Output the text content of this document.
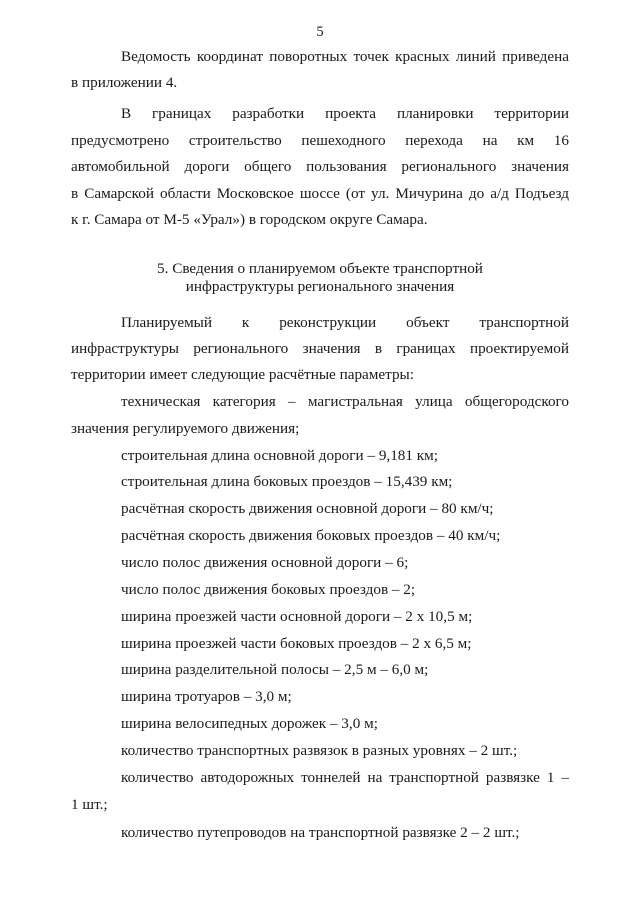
5
Ведомость координат поворотных точек красных линий приведена
в приложении 4.
В границах разработки проекта планировки территории
предусмотрено строительство пешеходного перехода на км 16
автомобильной дороги общего пользования регионального значения
в Самарской области Московское шоссе (от ул. Мичурина до а/д Подъезд
к г. Самара от М-5 «Урал») в городском округе Самара.
5. Сведения о планируемом объекте транспортной
инфраструктуры регионального значения
Планируемый к реконструкции объект транспортной
инфраструктуры регионального значения в границах проектируемой
территории имеет следующие расчётные параметры:
техническая категория – магистральная улица общегородского
значения регулируемого движения;
строительная длина основной дороги – 9,181 км;
строительная длина боковых проездов – 15,439 км;
расчётная скорость движения основной дороги – 80 км/ч;
расчётная скорость движения боковых проездов – 40 км/ч;
число полос движения основной дороги – 6;
число полос движения боковых проездов – 2;
ширина проезжей части основной дороги – 2 х 10,5 м;
ширина проезжей части боковых проездов – 2 х 6,5 м;
ширина разделительной полосы – 2,5 м – 6,0 м;
ширина тротуаров – 3,0 м;
ширина велосипедных дорожек – 3,0 м;
количество транспортных развязок в разных уровнях – 2 шт.;
количество автодорожных тоннелей на транспортной развязке 1 –
1 шт.;
количество путепроводов на транспортной развязке 2 – 2 шт.;
